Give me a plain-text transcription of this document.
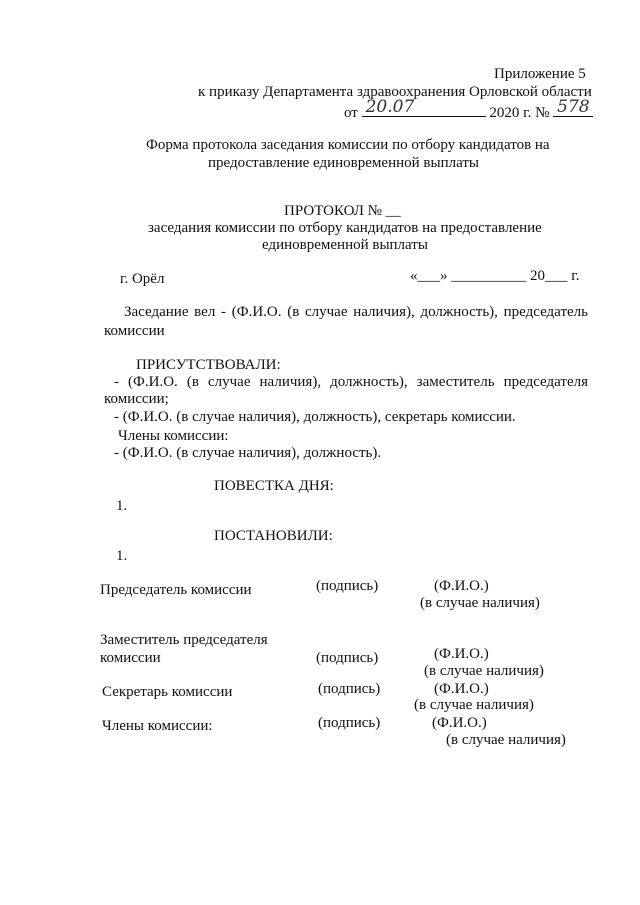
Приложение 5
к приказу Департамента здравоохранения Орловской области
от 20.07	2020 г. № 578
Форма протокола заседания комиссии по отбору кандидатов на
предоставление единовременной выплаты
ПРОТОКОЛ № __
заседания комиссии по отбору кандидатов на предоставление
единовременной выплаты
г. Орёл	«___» __________ 20___ г.
Заседание вел - (Ф.И.О. (в случае наличия), должность), председатель
комиссии
ПРИСУТСТВОВАЛИ:
- (Ф.И.О. (в случае наличия), должность), заместитель председателя
комиссии;
- (Ф.И.О. (в случае наличия), должность), секретарь комиссии.
Члены комиссии:
- (Ф.И.О. (в случае наличия), должность).
ПОВЕСТКА ДНЯ:
1.
ПОСТАНОВИЛИ:
1.
Председатель комиссии	(подпись)	(Ф.И.О.)
(в случае наличия)
Заместитель председателя
комиссии	(подпись)	(Ф.И.О.)
(в случае наличия)
Секретарь комиссии	(подпись)	(Ф.И.О.)
(в случае наличия)
Члены комиссии:	(подпись)	(Ф.И.О.)
(в случае наличия)
